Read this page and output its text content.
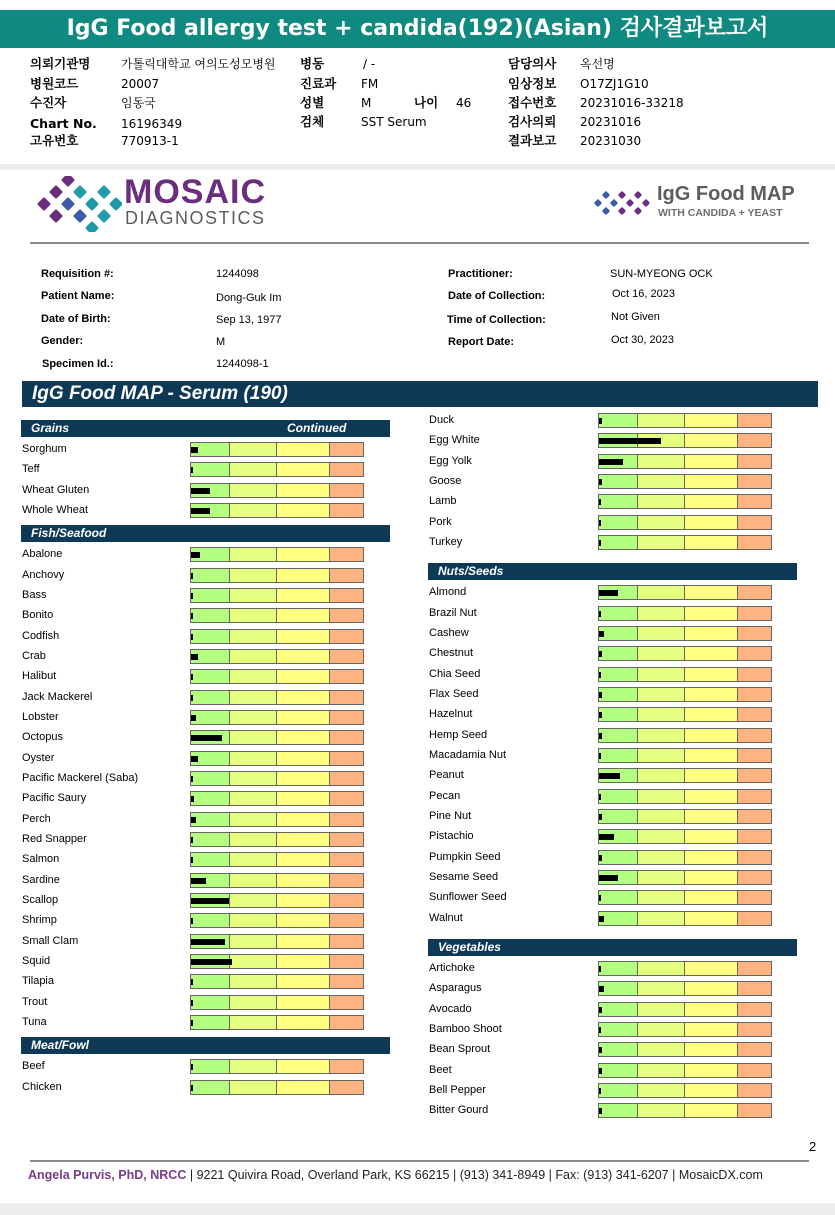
IgG Food allergy test + candida(192)(Asian) 검사결과보고서
의뢰기관명	가톨릭대학교 여의도성모병원
병원코드	20007
수진자	임동국
Chart No. 16196349
고유번호	770913-1
병동	/ -
진료과 FM
성별	M	나이 46
검체	SST Serum
담당의사 옥선명
임상정보 O17ZJ1G10
접수번호 20231016-33218
검사의뢰 20231016
결과보고 20231030
MOSAIC
DIAGNOSTICS
IgG Food MAP
WITH CANDIDA + YEAST
Requisition #:	1244098
Patient Name:	Dong-Guk Im
Date of Birth:	Sep 13, 1977
Gender:	M
Specimen Id.:	1244098-1
Practitioner:	SUN-MYEONG OCK
Date of Collection:	Oct 16, 2023
Time of Collection:	Not Given
Report Date:	Oct 30, 2023
IgG Food MAP - Serum (190)
Grains	Continued
Sorghum
Teff
Wheat Gluten
Whole Wheat
Fish/Seafood
Abalone
Anchovy
Bass
Bonito
Codfish
Crab
Halibut
Jack Mackerel
Lobster
Octopus
Oyster
Pacific Mackerel (Saba)
Pacific Saury
Perch
Red Snapper
Salmon
Sardine
Scallop
Shrimp
Small Clam
Squid
Tilapia
Trout
Tuna
Meat/Fowl
Beef
Chicken
Duck
Egg White
Egg Yolk
Goose
Lamb
Pork
Turkey
Nuts/Seeds
Almond
Brazil Nut
Cashew
Chestnut
Chia Seed
Flax Seed
Hazelnut
Hemp Seed
Macadamia Nut
Peanut
Pecan
Pine Nut
Pistachio
Pumpkin Seed
Sesame Seed
Sunflower Seed
Walnut
Vegetables
Artichoke
Asparagus
Avocado
Bamboo Shoot
Bean Sprout
Beet
Bell Pepper
Bitter Gourd
2
Angela Purvis, PhD, NRCC | 9221 Quivira Road, Overland Park, KS 66215 | (913) 341-8949 | Fax: (913) 341-6207 | MosaicDX.com
